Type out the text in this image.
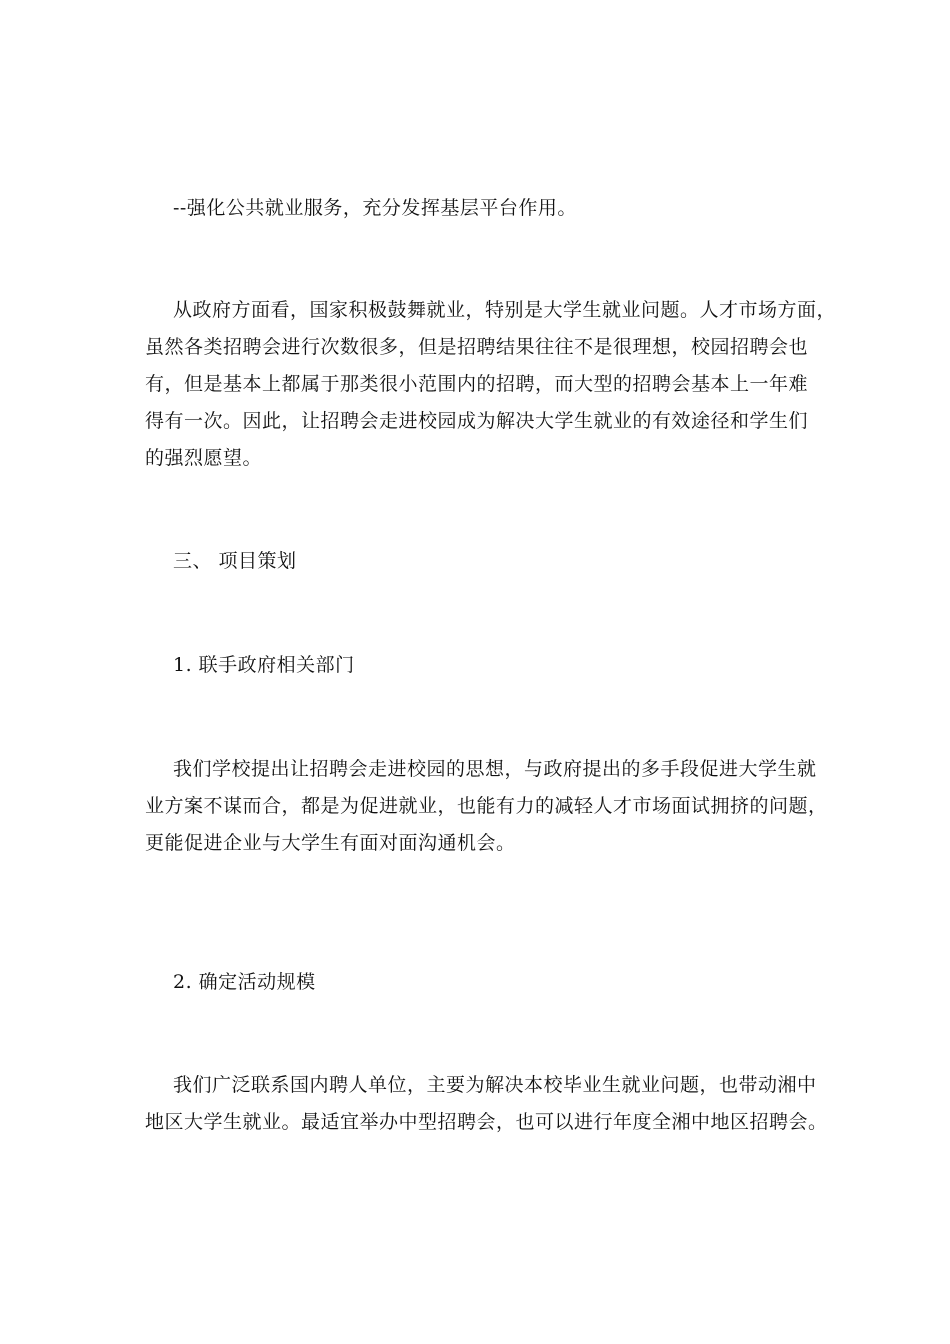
--强化公共就业服务，充分发挥基层平台作用。
从政府方面看，国家积极鼓舞就业，特别是大学生就业问题。人才市场方面，
虽然各类招聘会进行次数很多，但是招聘结果往往不是很理想，校园招聘会也
有，但是基本上都属于那类很小范围内的招聘，而大型的招聘会基本上一年难
得有一次。因此，让招聘会走进校园成为解决大学生就业的有效途径和学生们
的强烈愿望。
三、 项目策划
1. 联手政府相关部门
我们学校提出让招聘会走进校园的思想，与政府提出的多手段促进大学生就
业方案不谋而合，都是为促进就业，也能有力的减轻人才市场面试拥挤的问题，
更能促进企业与大学生有面对面沟通机会。
2. 确定活动规模
我们广泛联系国内聘人单位，主要为解决本校毕业生就业问题，也带动湘中
地区大学生就业。最适宜举办中型招聘会，也可以进行年度全湘中地区招聘会。
